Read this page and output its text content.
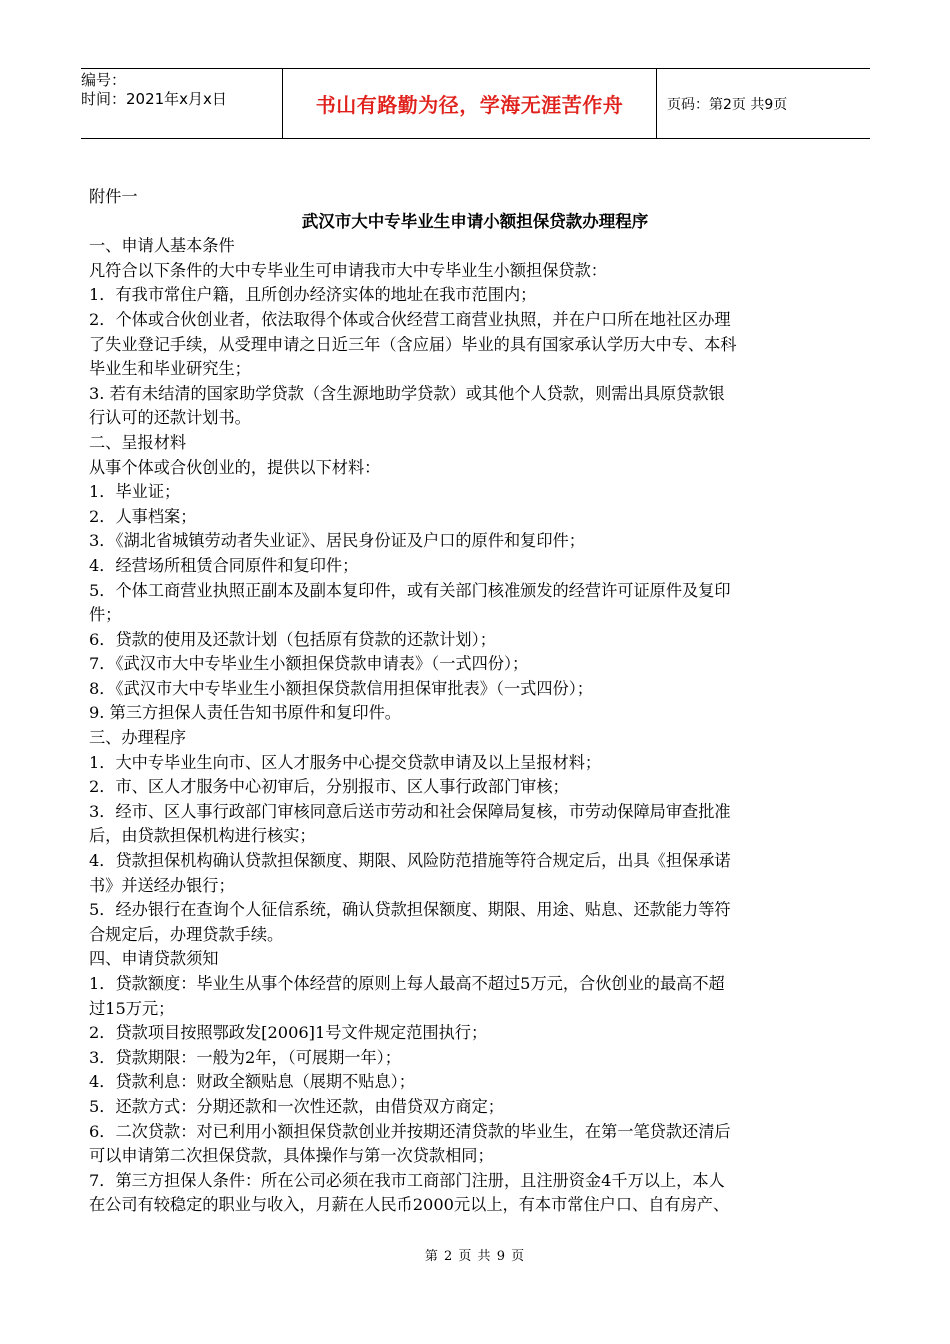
编号：
时间：2021年x月x日	书山有路勤为径，学海无涯苦作舟	页码：第2页 共9页
附件一
武汉市大中专毕业生申请小额担保贷款办理程序
一、申请人基本条件
凡符合以下条件的大中专毕业生可申请我市大中专毕业生小额担保贷款：
1．有我市常住户籍，且所创办经济实体的地址在我市范围内；
2．个体或合伙创业者，依法取得个体或合伙经营工商营业执照，并在户口所在地社区办理
了失业登记手续，从受理申请之日近三年（含应届）毕业的具有国家承认学历大中专、本科
毕业生和毕业研究生；
3. 若有未结清的国家助学贷款（含生源地助学贷款）或其他个人贷款，则需出具原贷款银
行认可的还款计划书。
二、呈报材料
从事个体或合伙创业的，提供以下材料：
1．毕业证；
2．人事档案；
3．《湖北省城镇劳动者失业证》、居民身份证及户口的原件和复印件；
4．经营场所租赁合同原件和复印件；
5．个体工商营业执照正副本及副本复印件，或有关部门核准颁发的经营许可证原件及复印
件；
6．贷款的使用及还款计划（包括原有贷款的还款计划）；
7．《武汉市大中专毕业生小额担保贷款申请表》（一式四份）；
8．《武汉市大中专毕业生小额担保贷款信用担保审批表》（一式四份）；
9. 第三方担保人责任告知书原件和复印件。
三、办理程序
1．大中专毕业生向市、区人才服务中心提交贷款申请及以上呈报材料；
2．市、区人才服务中心初审后，分别报市、区人事行政部门审核；
3．经市、区人事行政部门审核同意后送市劳动和社会保障局复核，市劳动保障局审查批准
后，由贷款担保机构进行核实；
4．贷款担保机构确认贷款担保额度、期限、风险防范措施等符合规定后，出具《担保承诺
书》并送经办银行；
5．经办银行在查询个人征信系统，确认贷款担保额度、期限、用途、贴息、还款能力等符
合规定后，办理贷款手续。
四、申请贷款须知
1．贷款额度：毕业生从事个体经营的原则上每人最高不超过5万元，合伙创业的最高不超
过15万元；
2．贷款项目按照鄂政发[2006]1号文件规定范围执行；
3．贷款期限：一般为2年，（可展期一年）；
4．贷款利息：财政全额贴息（展期不贴息）；
5．还款方式：分期还款和一次性还款，由借贷双方商定；
6．二次贷款：对已利用小额担保贷款创业并按期还清贷款的毕业生，在第一笔贷款还清后
可以申请第二次担保贷款，具体操作与第一次贷款相同；
7．第三方担保人条件：所在公司必须在我市工商部门注册，且注册资金4千万以上，本人
在公司有较稳定的职业与收入，月薪在人民币2000元以上，有本市常住户口、自有房产、
第 2 页 共 9 页
